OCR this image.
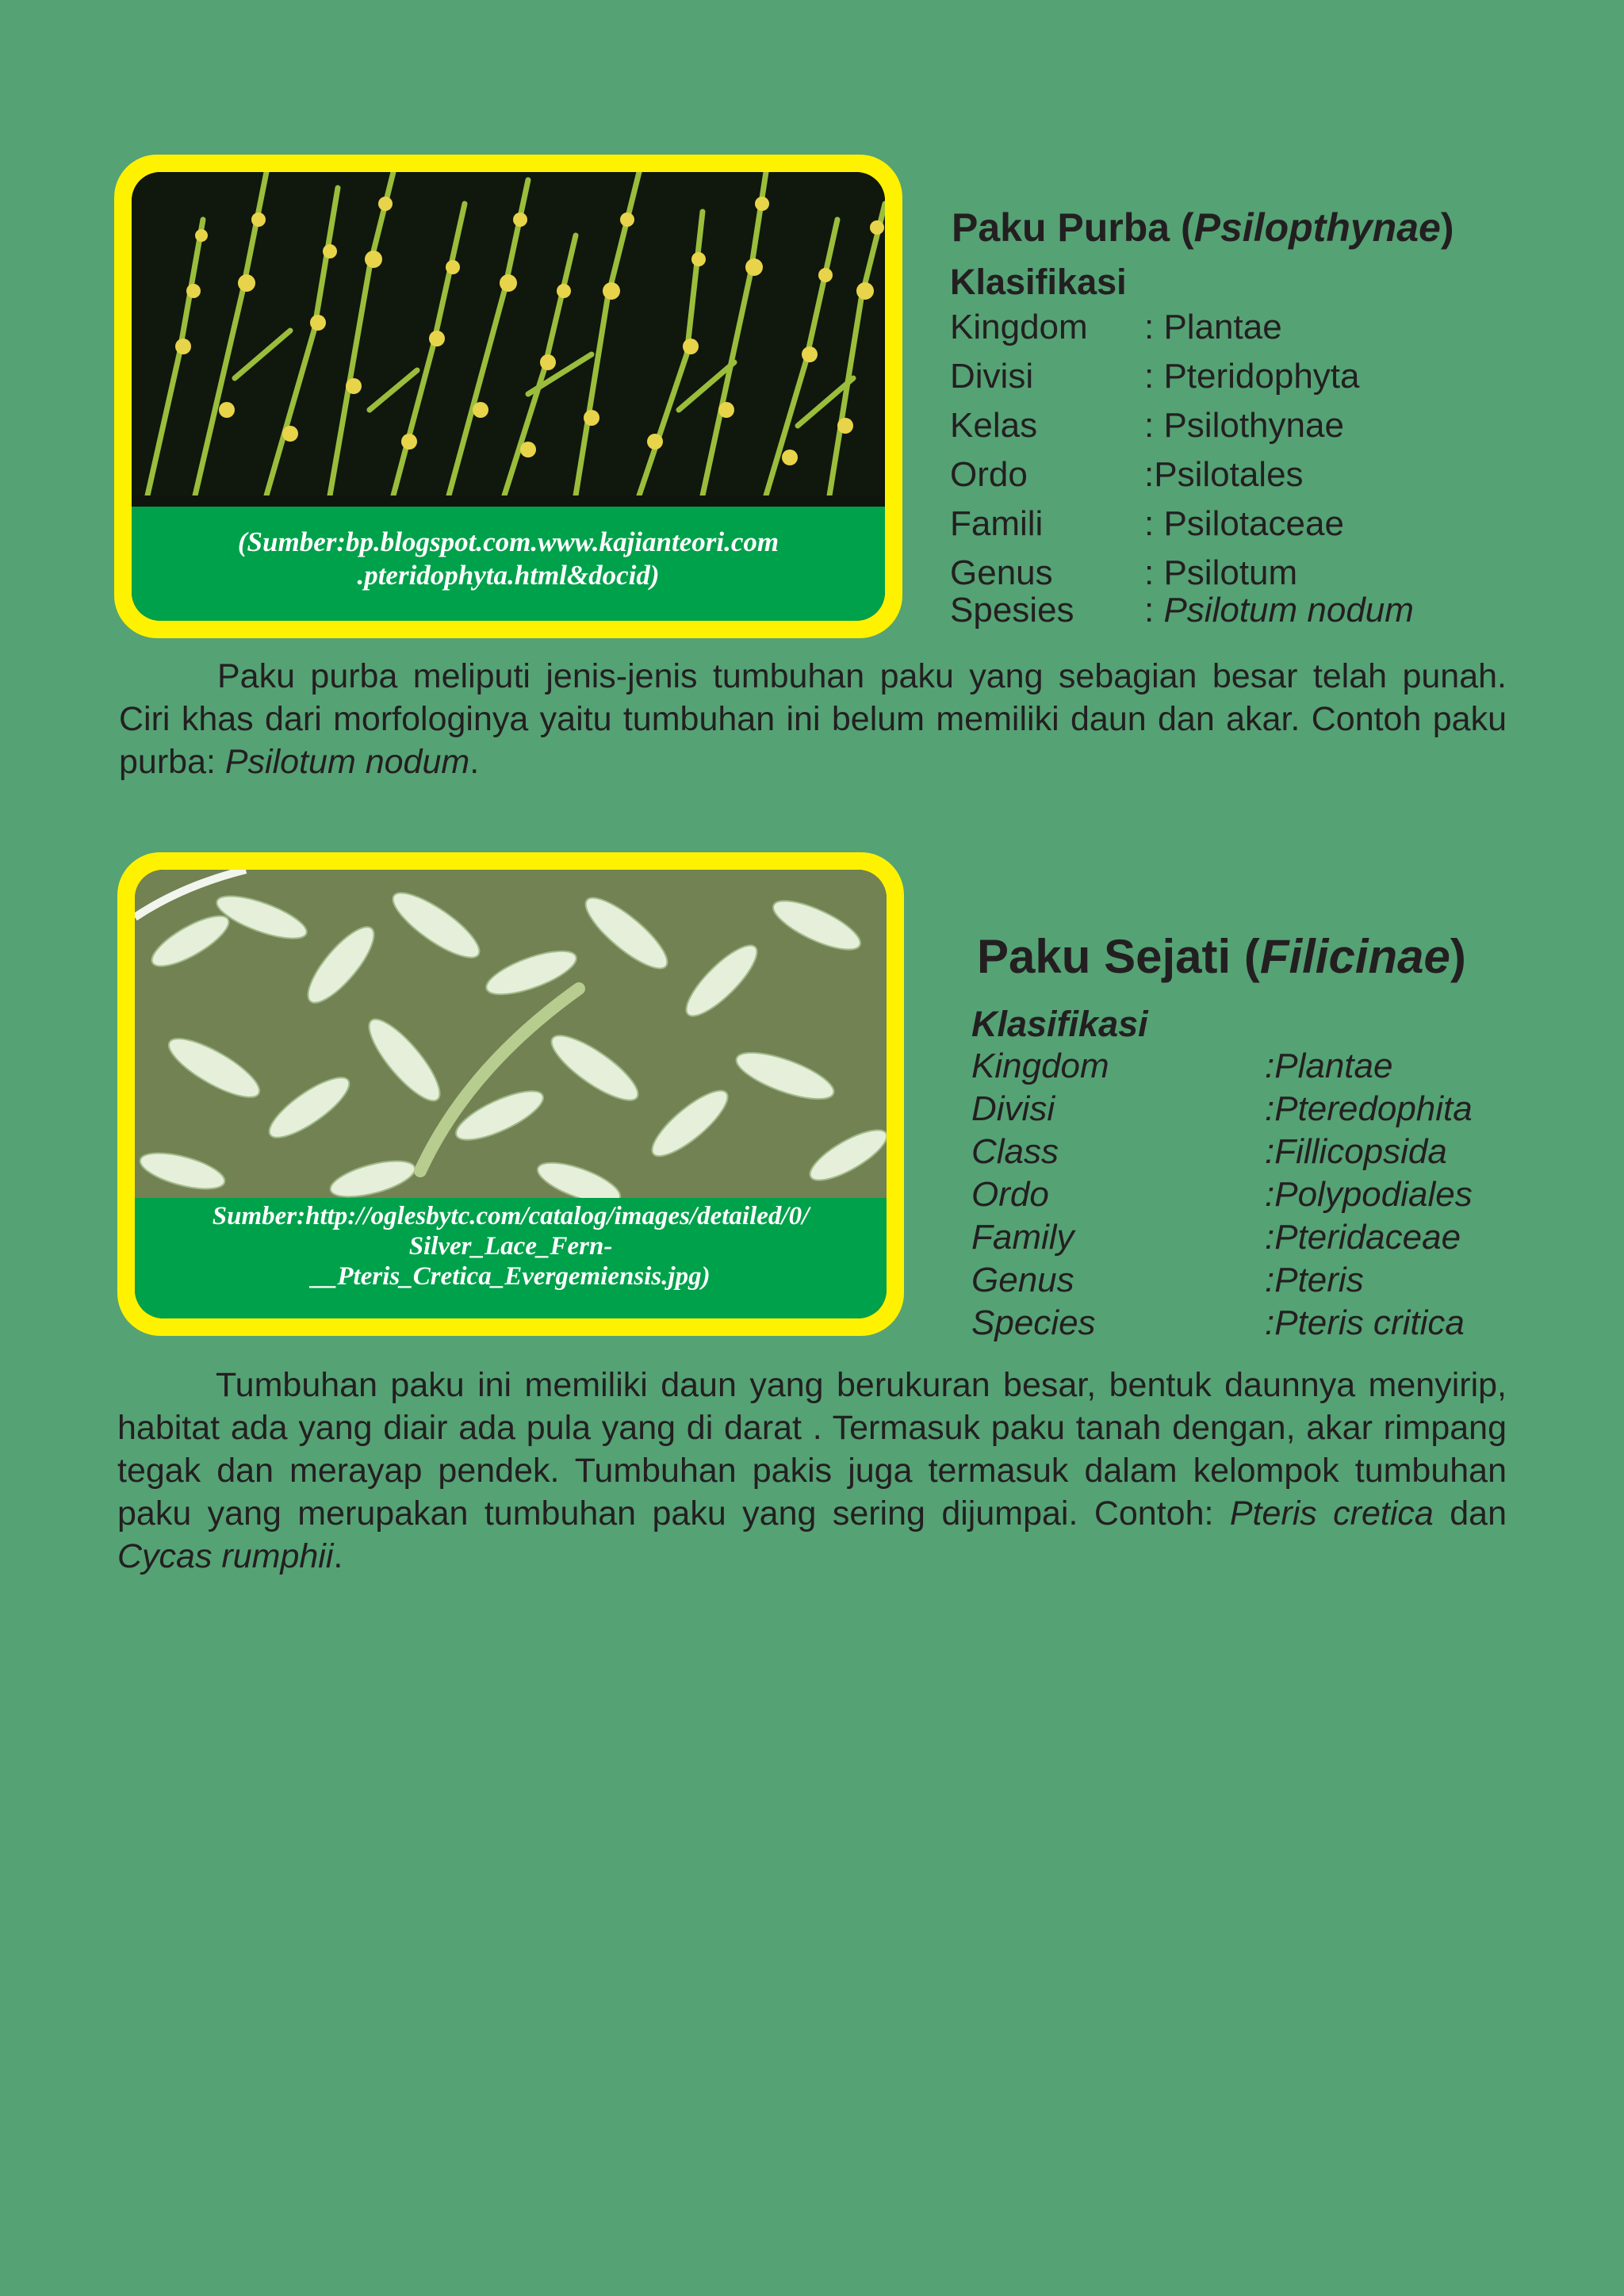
(Sumber:bp.blogspot.com.www.kajianteori.com
.pteridophyta.html&docid)
Paku Purba (Psilopthynae)
Klasifikasi
Kingdom : Plantae
Divisi	: Pteridophyta
Kelas	: Psilothynae
Ordo	:Psilotales
Famili	: Psilotaceae
Genus	: Psilotum
Spesies : Psilotum nodum
Paku purba meliputi jenis-jenis tumbuhan paku yang sebagian besar telah punah. Ciri khas dari morfologinya yaitu tumbuhan ini belum memiliki daun dan akar. Contoh paku purba: Psilotum nodum.
Sumber:http://oglesbytc.com/catalog/images/detailed/0/
Silver_Lace_Fern-
__Pteris_Cretica_Evergemiensis.jpg)
Paku Sejati (Filicinae)
Klasifikasi
Kingdom	:Plantae
Divisi	:Pteredophita
Class	:Fillicopsida
Ordo	:Polypodiales
Family	:Pteridaceae
Genus	:Pteris
Species	:Pteris critica
Tumbuhan paku ini memiliki daun yang berukuran besar, bentuk daunnya menyirip, habitat ada yang diair ada pula yang di darat . Termasuk paku tanah dengan, akar rimpang tegak dan merayap pendek. Tumbuhan pakis juga termasuk dalam kelompok tumbuhan paku yang merupakan tumbuhan paku yang sering dijumpai. Contoh: Pteris cretica dan Cycas rumphii.
